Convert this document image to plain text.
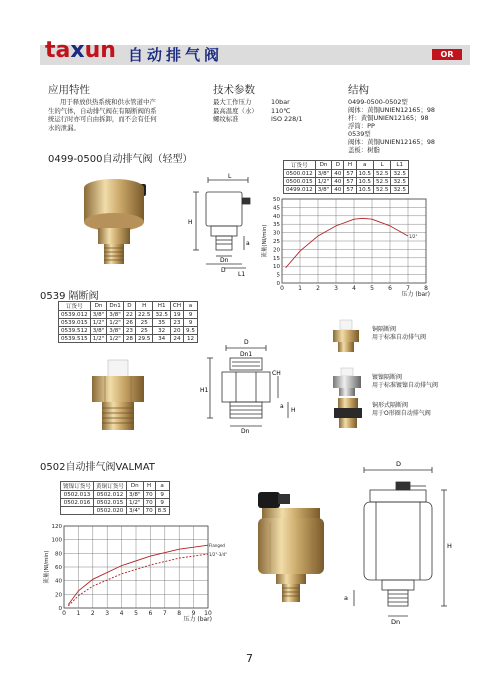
taxun 自动排气阀	OR
应用特性
用于释放供热系统和供水管道中产
生的气体，自动排气阀在有隔断阀的系
统运行时亦可自由拆卸，而不会有任何
水的泄漏。
技术参数
最大工作压力	10bar
最高温度（水） 110℃
螺纹标准	ISO 228/1
结构
0499-0500-0502型
阀体：黄铜UNIEN12165；98
杆：黄铜UNIEN12165；98
浮筒：PP
0539型
阀体：黄铜UNIEN12165；98
盖板：树脂
0499-0500自动排气阀（轻型）
L
H
a
D
Dn
L1
订货号	Dn	D	H	a	L	L1
0500.012	3/8"	40	57	10.5	52.5	32.5
0500.015	1/2"	40	57	10.5	52.5	32.5
0499.012	3/8"	40	57	10.5	52.5	32.5
0 1 2 3 4 5 6 7 8
0
5
10
15
20
25
30
35
40
45
50
压力 (bar)
流量(Nl/min)	1/2"
0539 隔断阀
订货号	Dn	Dn1	D	H	H1	CH	a
0539.012	3/8"	3/8"	22	22.5	32.5	19	9
0539.015	1/2"	1/2"	26	25	35	23	9
0539.512	3/8"	3/8"	23	25	32	20	9.5
0539.515	1/2"	1/2"	28	29.5	34	24	12
D
Dn1
H1
CH
a
H
Dn
铜隔断阀
用于标准自动排气阀
镀镍隔断阀
用于标准镀镍自动排气阀
铜形式隔断阀
用于O形圈自动排气阀
0502自动排气阀VALMAT
镀镍订货号	黄铜订货号	Dn	H	a
0502.013	0502.012	3/8"	70	9
0502.016	0502.015	1/2"	70	9
	0502.020	3/4"	70	8.5
0 1 2 3 4 5 6 7 8 9 10
0
20
40
60
80
100
120
压力 (bar)
流量(Nl/min)
Flanged
1/2"-3/4"
D
H
a
Dn
7
